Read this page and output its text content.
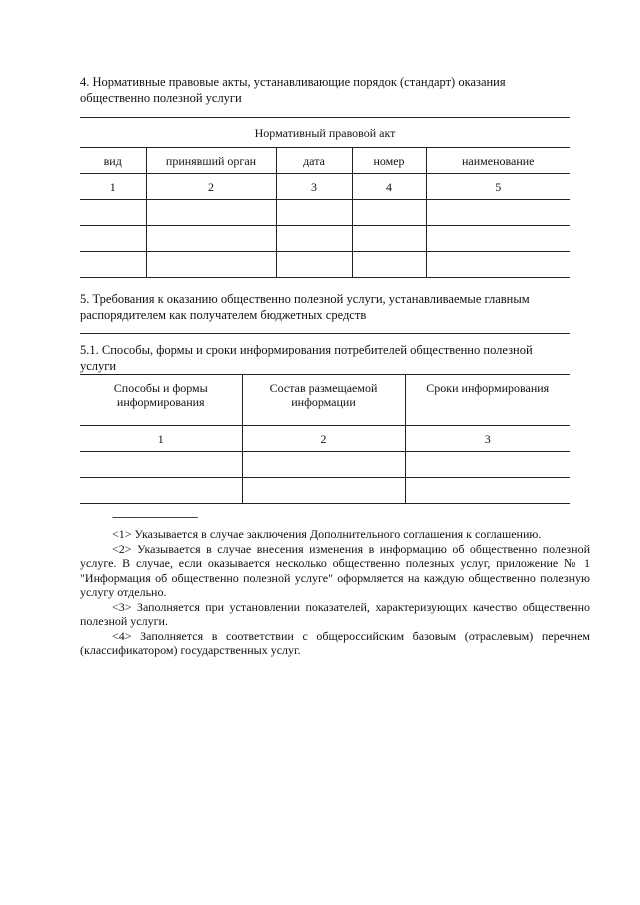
4. Нормативные правовые акты, устанавливающие порядок (стандарт) оказания общественно полезной услуги
Нормативный правовой акт				
вид	принявший орган	дата	номер	наименование
1	2	3	4	5

5. Требования к оказанию общественно полезной услуги, устанавливаемые главным распорядителем как получателем бюджетных средств
5.1. Способы, формы и сроки информирования потребителей общественно полезной услуги
Способы и формы информирования	Состав размещаемой информации	Сроки информирования
1	2	3

--------------------------------

<1> Указывается в случае заключения Дополнительного соглашения к соглашению.

<2> Указывается в случае внесения изменения в информацию об общественно полезной услуге. В случае, если оказывается несколько общественно полезных услуг, приложение № 1 "Информация об общественно полезной услуге" оформляется на каждую общественно полезную услугу отдельно.

<3> Заполняется при установлении показателей, характеризующих качество общественно полезной услуги.

<4> Заполняется в соответствии с общероссийским базовым (отраслевым) перечнем (классификатором) государственных услуг.
